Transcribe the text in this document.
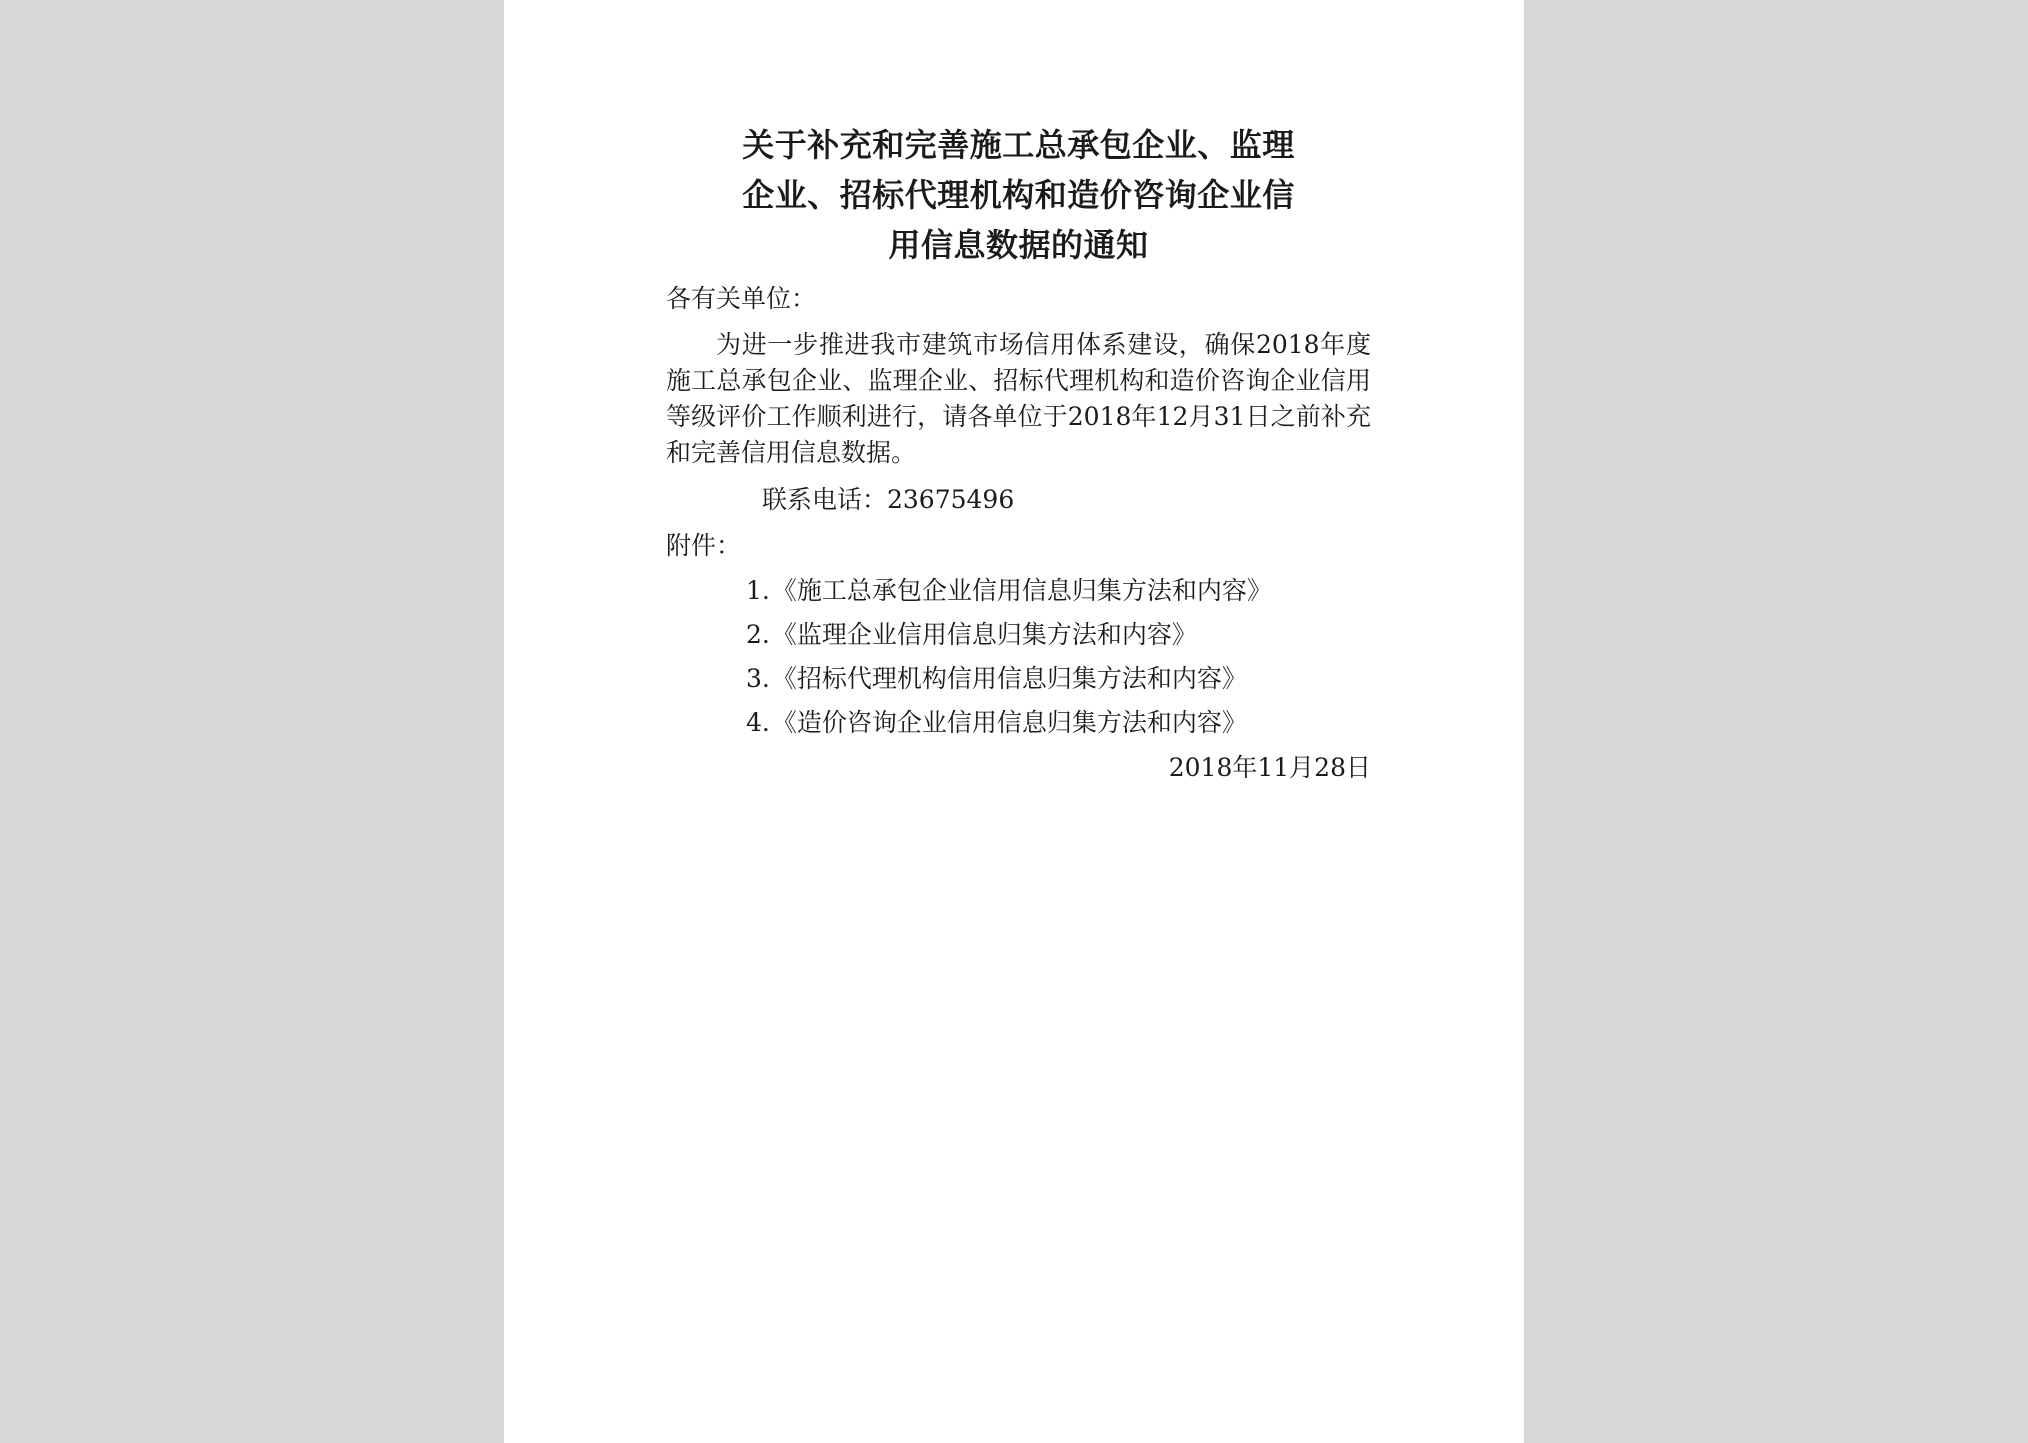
关于补充和完善施工总承包企业、监理
企业、招标代理机构和造价咨询企业信
用信息数据的通知

各有关单位：

为进一步推进我市建筑市场信用体系建设，确保2018年度施工总承包企业、监理企业、招标代理机构和造价咨询企业信用等级评价工作顺利进行，请各单位于2018年12月31日之前补充和完善信用信息数据。

联系电话：23675496

附件：

1.《施工总承包企业信用信息归集方法和内容》
2.《监理企业信用信息归集方法和内容》
3.《招标代理机构信用信息归集方法和内容》
4.《造价咨询企业信用信息归集方法和内容》

2018年11月28日
